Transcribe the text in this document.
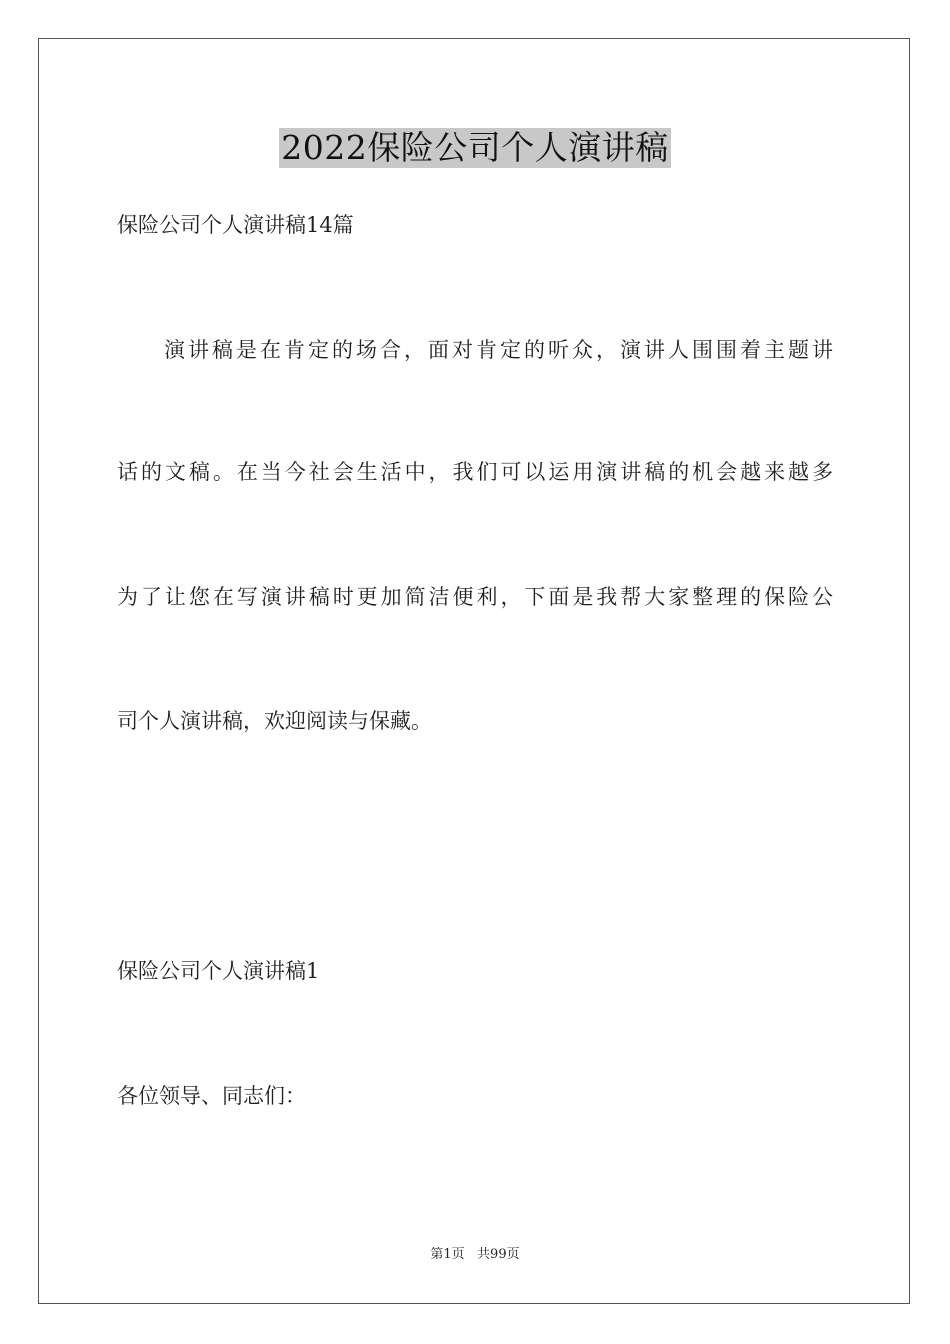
2022保险公司个人演讲稿
保险公司个人演讲稿14篇
演讲稿是在肯定的场合，面对肯定的听众，演讲人围围着主题讲
话的文稿。在当今社会生活中，我们可以运用演讲稿的机会越来越多
为了让您在写演讲稿时更加简洁便利，下面是我帮大家整理的保险公
司个人演讲稿，欢迎阅读与保藏。
保险公司个人演讲稿1
各位领导、同志们：
第1页   共99页
